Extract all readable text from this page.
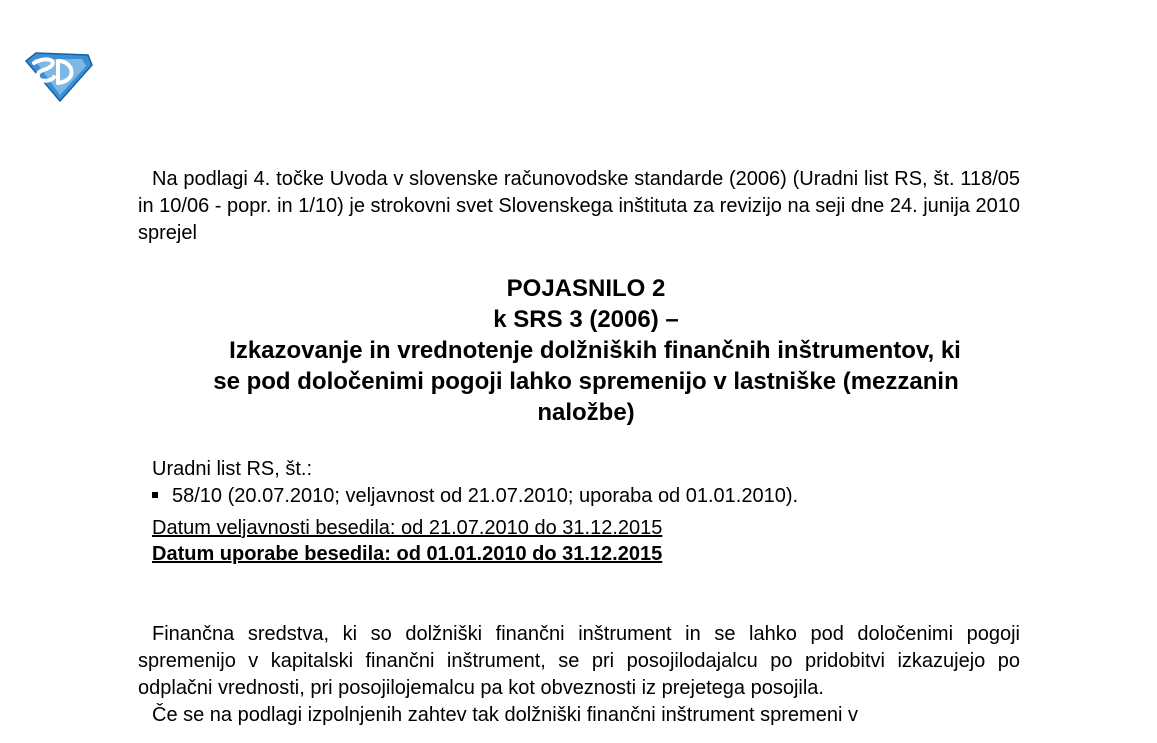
Na podlagi 4. točke Uvoda v slovenske računovodske standarde (2006) (Uradni list RS, št. 118/05 in 10/06 - popr. in 1/10) je strokovni svet Slovenskega inštituta za revizijo na seji dne 24. junija 2010 sprejel

POJASNILO 2
k SRS 3 (2006) –
Izkazovanje in vrednotenje dolžniških finančnih inštrumentov, ki
se pod določenimi pogoji lahko spremenijo v lastniške (mezzanin
naložbe)
Uradni list RS, št.:
58/10 (20.07.2010; veljavnost od 21.07.2010; uporaba od 01.01.2010).
Datum veljavnosti besedila: od 21.07.2010 do 31.12.2015
Datum uporabe besedila: od 01.01.2010 do 31.12.2015

Finančna sredstva, ki so dolžniški finančni inštrument in se lahko pod določenimi pogoji spremenijo v kapitalski finančni inštrument, se pri posojilodajalcu po pridobitvi izkazujejo po odplačni vrednosti, pri posojilojemalcu pa kot obveznosti iz prejetega posojila.

Če se na podlagi izpolnjenih zahtev tak dolžniški finančni inštrument spremeni v
